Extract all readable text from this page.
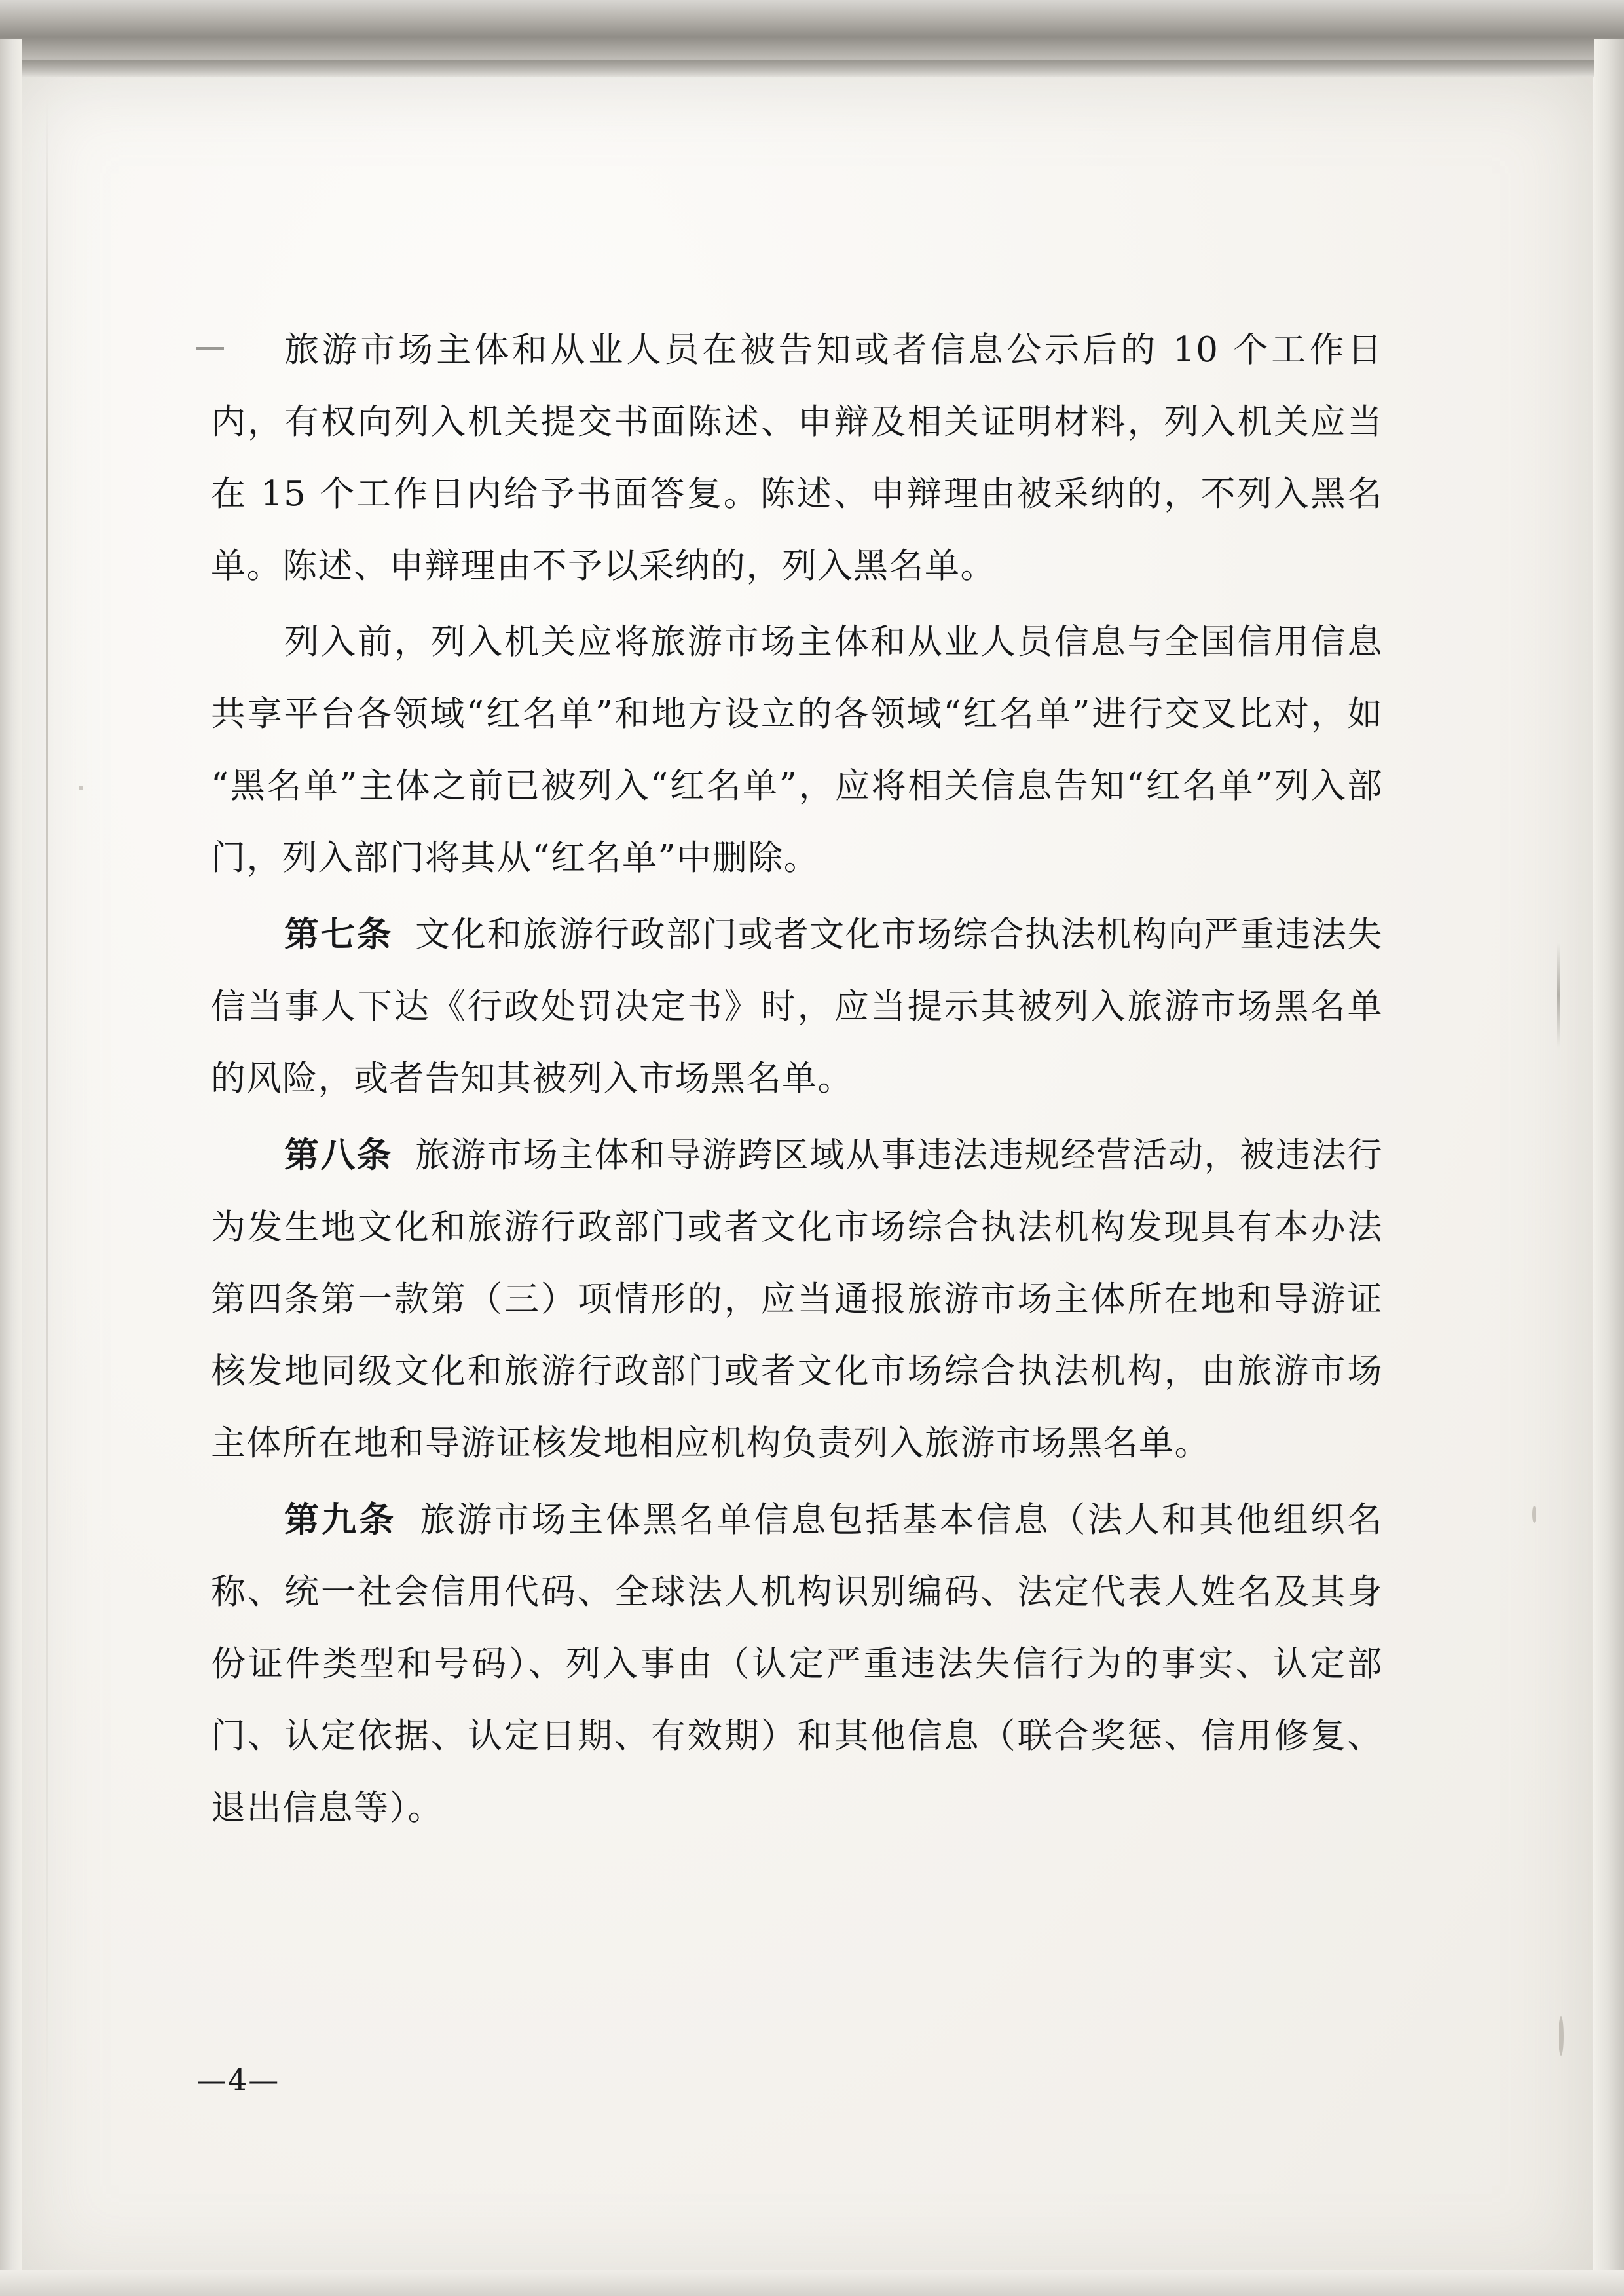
旅游市场主体和从业人员在被告知或者信息公示后的 10 个工作日内，有权向列入机关提交书面陈述、申辩及相关证明材料，列入机关应当在 15 个工作日内给予书面答复。陈述、申辩理由被采纳的，不列入黑名单。陈述、申辩理由不予以采纳的，列入黑名单。

列入前，列入机关应将旅游市场主体和从业人员信息与全国信用信息共享平台各领域“红名单”和地方设立的各领域“红名单”进行交叉比对，如“黑名单”主体之前已被列入“红名单”，应将相关信息告知“红名单”列入部门，列入部门将其从“红名单”中删除。

第七条 文化和旅游行政部门或者文化市场综合执法机构向严重违法失信当事人下达《行政处罚决定书》时，应当提示其被列入旅游市场黑名单的风险，或者告知其被列入市场黑名单。

第八条 旅游市场主体和导游跨区域从事违法违规经营活动，被违法行为发生地文化和旅游行政部门或者文化市场综合执法机构发现具有本办法第四条第一款第（三）项情形的，应当通报旅游市场主体所在地和导游证核发地同级文化和旅游行政部门或者文化市场综合执法机构，由旅游市场主体所在地和导游证核发地相应机构负责列入旅游市场黑名单。

第九条 旅游市场主体黑名单信息包括基本信息（法人和其他组织名称、统一社会信用代码、全球法人机构识别编码、法定代表人姓名及其身份证件类型和号码）、列入事由（认定严重违法失信行为的事实、认定部门、认定依据、认定日期、有效期）和其他信息（联合奖惩、信用修复、退出信息等）。

—4—
